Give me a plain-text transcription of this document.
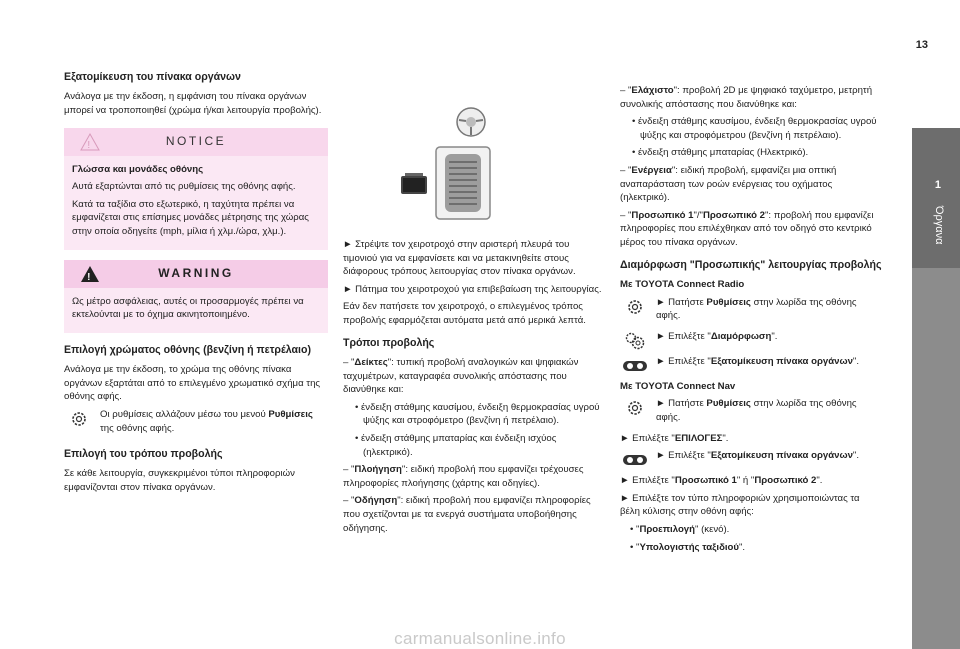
13
1
Όργανα
Εξατομίκευση του πίνακα οργάνων

Ανάλογα με την έκδοση, η εμφάνιση του πίνακα οργάνων μπορεί να τροποποιηθεί (χρώμα ή/και λειτουργία προβολής).

!	NOTICE

Γλώσσα και μονάδες οθόνης

Αυτά εξαρτώνται από τις ρυθμίσεις της οθόνης αφής.

Κατά τα ταξίδια στο εξωτερικό, η ταχύτητα πρέπει να εμφανίζεται στις επίσημες μονάδες μέτρησης της χώρας στην οποία οδηγείτε (mph, μίλια ή χλμ./ώρα, χλμ.).

!	WARNING

Ως μέτρο ασφάλειας, αυτές οι προσαρμογές πρέπει να εκτελούνται με το όχημα ακινητοποιημένο.

Επιλογή χρώματος οθόνης (βενζίνη ή πετρέλαιο)

Ανάλογα με την έκδοση, το χρώμα της οθόνης πίνακα οργάνων εξαρτάται από το επιλεγμένο χρωματικό σχήμα της οθόνης αφής.

Οι ρυθμίσεις αλλάζουν μέσω του μενού Ρυθμίσεις της οθόνης αφής.

Επιλογή του τρόπου προβολής

Σε κάθε λειτουργία, συγκεκριμένοι τύποι πληροφοριών εμφανίζονται στον πίνακα οργάνων.

► Στρέψτε τον χειροτροχό στην αριστερή πλευρά του τιμονιού για να εμφανίσετε και να μετακινηθείτε στους διάφορους τρόπους λειτουργίας στον πίνακα οργάνων.

► Πάτημα του χειροτροχού για επιβεβαίωση της λειτουργίας.

Εάν δεν πατήσετε τον χειροτροχό, ο επιλεγμένος τρόπος προβολής εφαρμόζεται αυτόματα μετά από μερικά λεπτά.

Τρόποι προβολής

– "Δείκτες": τυπική προβολή αναλογικών και ψηφιακών ταχυμέτρων, καταγραφέα συνολικής απόστασης που διανύθηκε και:

• ένδειξη στάθμης καυσίμου, ένδειξη θερμοκρασίας υγρού ψύξης και στροφόμετρο (βενζίνη ή πετρέλαιο).

• ένδειξη στάθμης μπαταρίας και ένδειξη ισχύος (ηλεκτρικό).

– "Πλοήγηση": ειδική προβολή που εμφανίζει τρέχουσες πληροφορίες πλοήγησης (χάρτης και οδηγίες).

– "Οδήγηση": ειδική προβολή που εμφανίζει πληροφορίες που σχετίζονται με τα ενεργά συστήματα υποβοήθησης οδήγησης.

– "Ελάχιστο": προβολή 2D με ψηφιακό ταχύμετρο, μετρητή συνολικής απόστασης που διανύθηκε και:

• ένδειξη στάθμης καυσίμου, ένδειξη θερμοκρασίας υγρού ψύξης και στροφόμετρου (βενζίνη ή πετρέλαιο).

• ένδειξη στάθμης μπαταρίας (Ηλεκτρικό).

– "Ενέργεια": ειδική προβολή, εμφανίζει μια οπτική αναπαράσταση των ροών ενέργειας του οχήματος (ηλεκτρικό).

– "Προσωπικό 1"/"Προσωπικό 2": προβολή που εμφανίζει πληροφορίες που επιλέχθηκαν από τον οδηγό στο κεντρικό μέρος του πίνακα οργάνων.

Διαμόρφωση "Προσωπικής" λειτουργίας προβολής

Με TOYOTA Connect Radio

► Πατήστε Ρυθμίσεις στην λωρίδα της οθόνης αφής.

► Επιλέξτε "Διαμόρφωση".

► Επιλέξτε "Εξατομίκευση πίνακα οργάνων".

Με TOYOTA Connect Nav

► Πατήστε Ρυθμίσεις στην λωρίδα της οθόνης αφής.

► Επιλέξτε "ΕΠΙΛΟΓΕΣ".

► Επιλέξτε "Εξατομίκευση πίνακα οργάνων".

► Επιλέξτε "Προσωπικό 1" ή "Προσωπικό 2".

► Επιλέξτε τον τύπο πληροφοριών χρησιμοποιώντας τα βέλη κύλισης στην οθόνη αφής:

• "Προεπιλογή" (κενό).

• "Υπολογιστής ταξιδιού".

carmanualsonline.info
